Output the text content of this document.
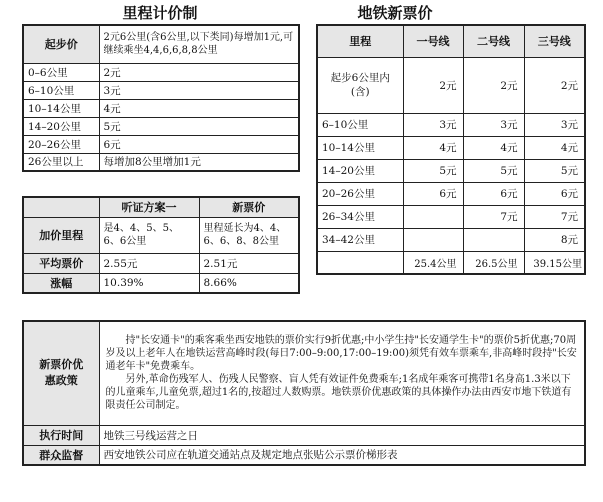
里程计价制
起步价	2元6公里(含6公里,以下类同)每增加1元,可继续乘坐4,4,6,6,8,8公里
0–6公里	2元
6–10公里	3元
10–14公里	4元
14–20公里	5元
20–26公里	6元
26公里以上	每增加8公里增加1元
	听证方案一	新票价
加价里程	是4、4、5、5、6、6公里	里程延长为4、4、6、6、8、8公里
平均票价	2.55元	2.51元
涨幅	10.39%	8.66%
地铁新票价
里程	一号线	二号线	三号线
起步6公里内(含)	2元	2元	2元
6–10公里	3元	3元	3元
10–14公里	4元	4元	4元
14–20公里	5元	5元	5元
20–26公里	6元	6元	6元
26–34公里		7元	7元
34–42公里			8元
	25.4公里	26.5公里	39.15公里
新票价优惠政策	持"长安通卡"的乘客乘坐西安地铁的票价实行9折优惠;中小学生持"长安通学生卡"的票价5折优惠;70周岁及以上老年人在地铁运营高峰时段(每日7:00–9:00,17:00–19:00)须凭有效车票乘车,非高峰时段持"长安通老年卡"免费乘车。

另外,革命伤残军人、伤残人民警察、盲人凭有效证件免费乘车;1名成年乘客可携带1名身高1.3米以下的儿童乘车,儿童免票,超过1名的,按超过人数购票。地铁票价优惠政策的具体操作办法由西安市地下铁道有限责任公司制定。

执行时间	地铁三号线运营之日
群众监督	西安地铁公司应在轨道交通站点及规定地点张贴公示票价梯形表
